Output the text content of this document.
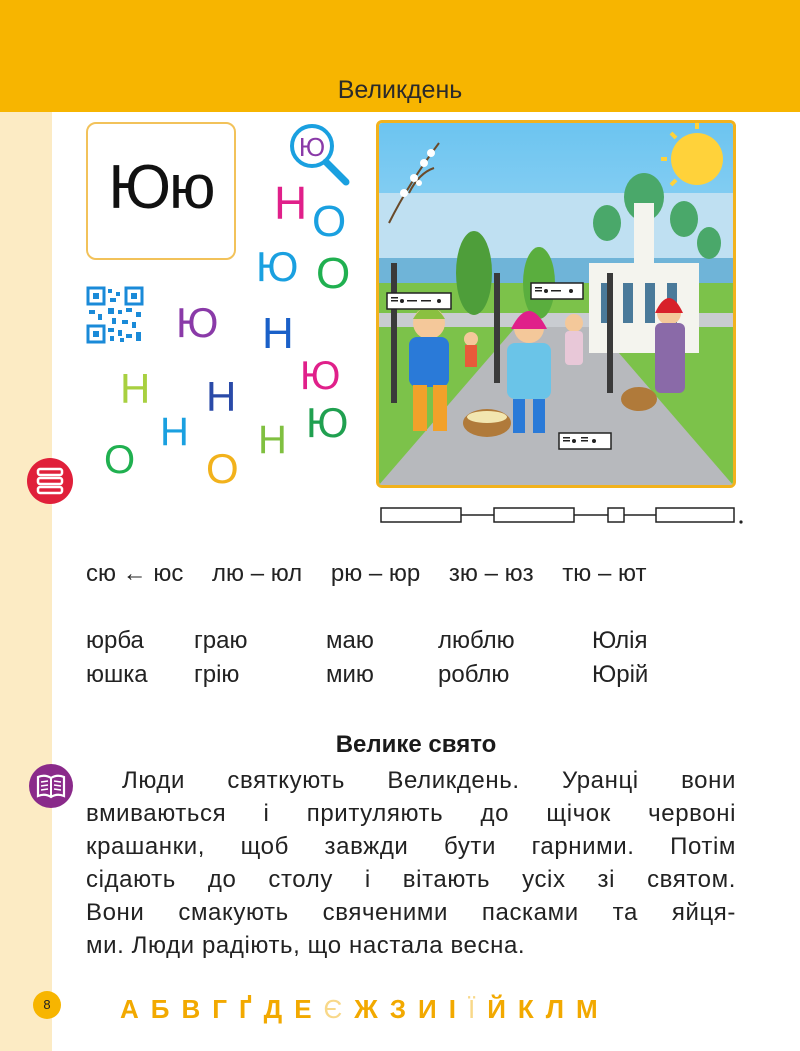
Великдень
Юю
Ю
Н О
Ю О
Ю Н
Ю
Н Н
Ю
О
Н
О
Н
сю ← юс лю – юл рю – юр зю – юз тю – ют
юрба граю	маю	люблю	Юлія
юшка грію	мию	роблю	Юрій
Велике свято
Люди святкують Великдень. Уранці вони
вмиваються і притуляють до щічок червоні
крашанки, щоб завжди бути гарними. Потім
сідають до столу і вітають усіх зі святом.
Вони смакують свяченими пасками та яйця-
ми. Люди радіють, що настала весна.
8	А Б В Г Ґ Д Е Є Ж З И І Ї Й К Л М
